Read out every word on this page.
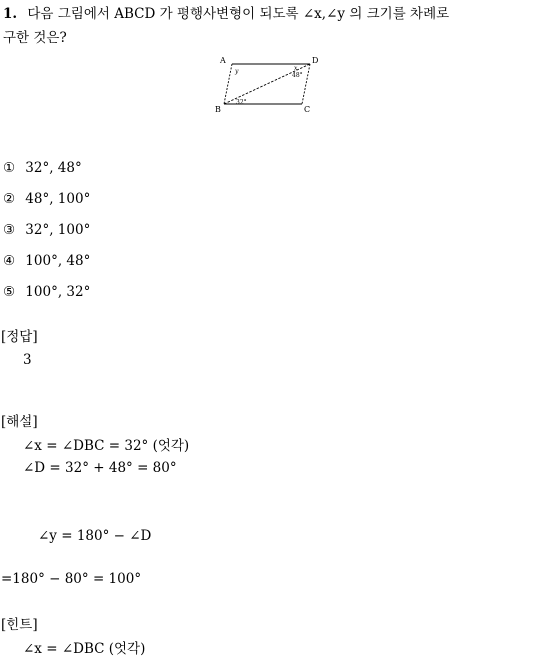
1. 다음 그림에서 ABCD 가 평행사변형이 되도록 ∠x,∠y 의 크기를 차례로
구한 것은?
A	D
B	C
y	x
48°
32°
① 32°, 48°
② 48°, 100°
③ 32°, 100°
④ 100°, 48°
⑤ 100°, 32°
[정답]
3
[해설]
∠x = ∠DBC = 32° (엇각)
∠D = 32° + 48° = 80°
∠y = 180° − ∠D
=180° − 80° = 100°
[힌트]
∠x = ∠DBC (엇각)
